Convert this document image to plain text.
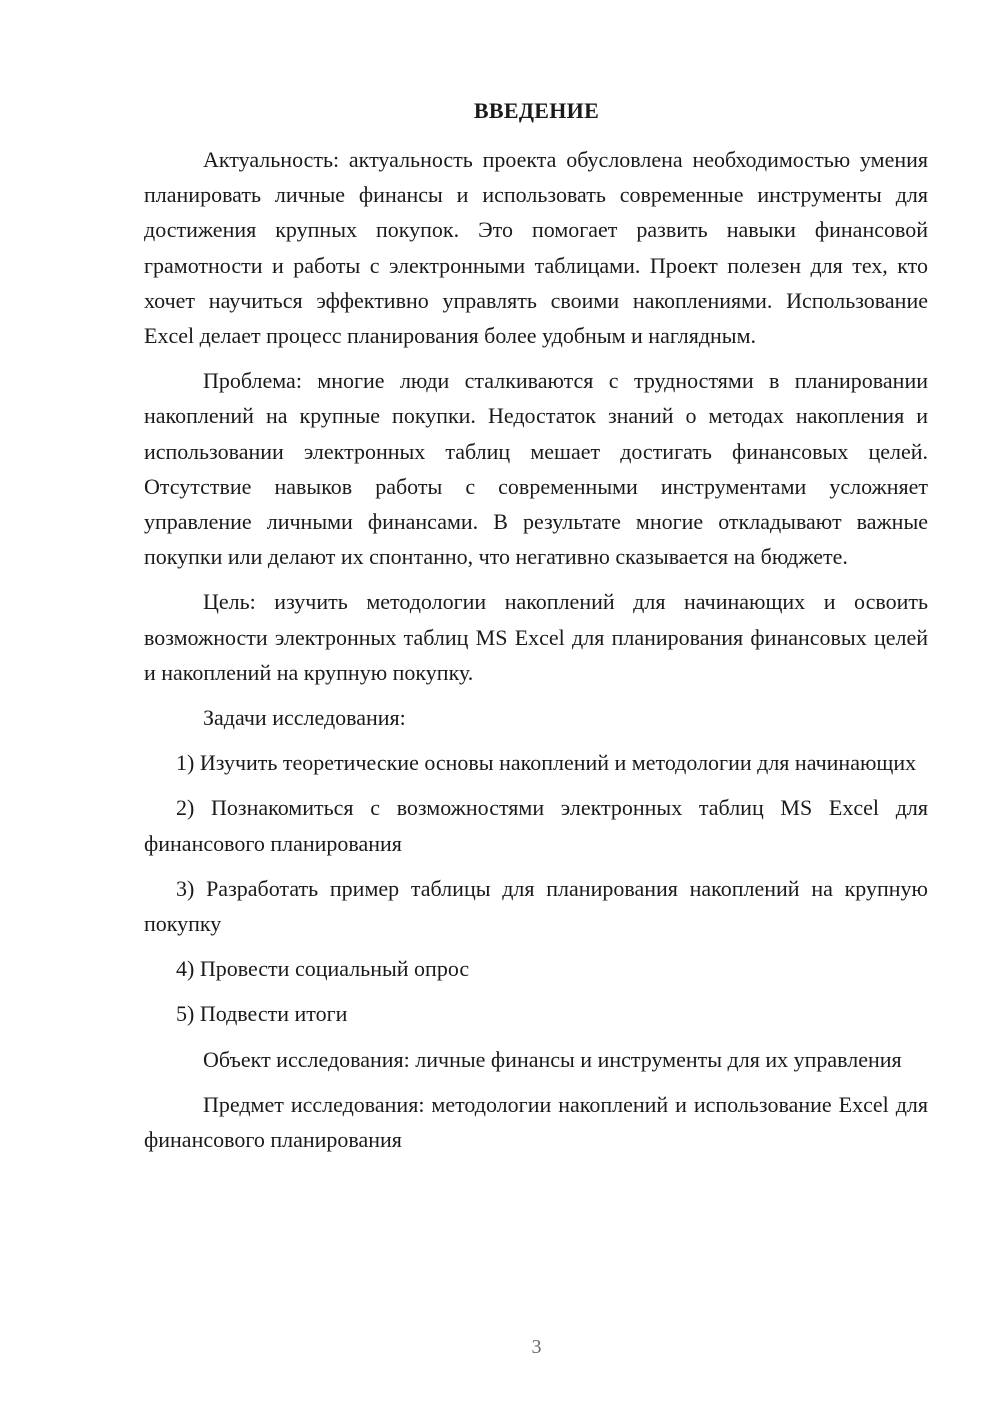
ВВЕДЕНИЕ

Актуальность: актуальность проекта обусловлена необходимостью умения планировать личные финансы и использовать современные инструменты для достижения крупных покупок. Это помогает развить навыки финансовой грамотности и работы с электронными таблицами. Проект полезен для тех, кто хочет научиться эффективно управлять своими накоплениями. Использование Excel делает процесс планирования более удобным и наглядным.

Проблема: многие люди сталкиваются с трудностями в планировании накоплений на крупные покупки. Недостаток знаний о методах накопления и использовании электронных таблиц мешает достигать финансовых целей. Отсутствие навыков работы с современными инструментами усложняет управление личными финансами. В результате многие откладывают важные покупки или делают их спонтанно, что негативно сказывается на бюджете.

Цель: изучить методологии накоплений для начинающих и освоить возможности электронных таблиц MS Excel для планирования финансовых целей и накоплений на крупную покупку.

Задачи исследования:

1) Изучить теоретические основы накоплений и методологии для начинающих

2) Познакомиться с возможностями электронных таблиц MS Excel для финансового планирования

3) Разработать пример таблицы для планирования накоплений на крупную покупку

4) Провести социальный опрос

5) Подвести итоги

Объект исследования: личные финансы и инструменты для их управления

Предмет исследования: методологии накоплений и использование Excel для финансового планирования

3
